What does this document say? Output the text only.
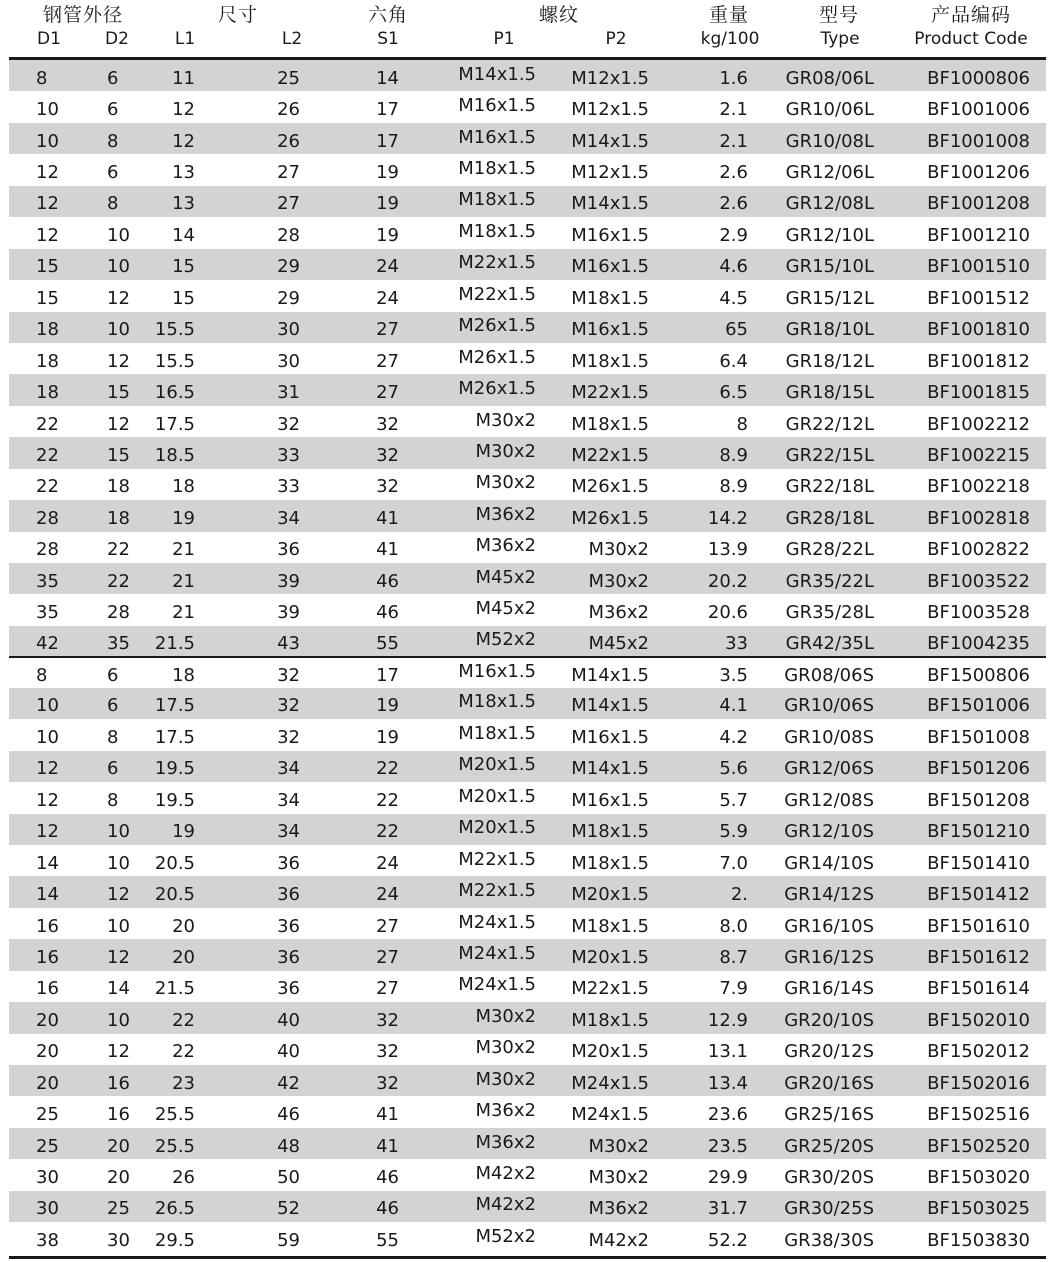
钢管外径	尺寸	六角	螺纹	重量	型号	产品编码
D1	D2	L1	L2	S1	P1	P2	kg/100	Type	Product Code
8	6	11	25	14	M14x1.5	M12x1.5	1.6	GR08/06L	BF1000806
10	6	12	26	17	M16x1.5	M12x1.5	2.1	GR10/06L	BF1001006
10	8	12	26	17	M16x1.5	M14x1.5	2.1	GR10/08L	BF1001008
12	6	13	27	19	M18x1.5	M12x1.5	2.6	GR12/06L	BF1001206
12	8	13	27	19	M18x1.5	M14x1.5	2.6	GR12/08L	BF1001208
12	10	14	28	19	M18x1.5	M16x1.5	2.9	GR12/10L	BF1001210
15	10	15	29	24	M22x1.5	M16x1.5	4.6	GR15/10L	BF1001510
15	12	15	29	24	M22x1.5	M18x1.5	4.5	GR15/12L	BF1001512
18	10	15.5	30	27	M26x1.5	M16x1.5	65	GR18/10L	BF1001810
18	12	15.5	30	27	M26x1.5	M18x1.5	6.4	GR18/12L	BF1001812
18	15	16.5	31	27	M26x1.5	M22x1.5	6.5	GR18/15L	BF1001815
22	12	17.5	32	32	M30x2	M18x1.5	8	GR22/12L	BF1002212
22	15	18.5	33	32	M30x2	M22x1.5	8.9	GR22/15L	BF1002215
22	18	18	33	32	M30x2	M26x1.5	8.9	GR22/18L	BF1002218
28	18	19	34	41	M36x2	M26x1.5	14.2	GR28/18L	BF1002818
28	22	21	36	41	M36x2	M30x2	13.9	GR28/22L	BF1002822
35	22	21	39	46	M45x2	M30x2	20.2	GR35/22L	BF1003522
35	28	21	39	46	M45x2	M36x2	20.6	GR35/28L	BF1003528
42	35	21.5	43	55	M52x2	M45x2	33	GR42/35L	BF1004235
8	6	18	32	17	M16x1.5	M14x1.5	3.5	GR08/06S	BF1500806
10	6	17.5	32	19	M18x1.5	M14x1.5	4.1	GR10/06S	BF1501006
10	8	17.5	32	19	M18x1.5	M16x1.5	4.2	GR10/08S	BF1501008
12	6	19.5	34	22	M20x1.5	M14x1.5	5.6	GR12/06S	BF1501206
12	8	19.5	34	22	M20x1.5	M16x1.5	5.7	GR12/08S	BF1501208
12	10	19	34	22	M20x1.5	M18x1.5	5.9	GR12/10S	BF1501210
14	10	20.5	36	24	M22x1.5	M18x1.5	7.0	GR14/10S	BF1501410
14	12	20.5	36	24	M22x1.5	M20x1.5	2.	GR14/12S	BF1501412
16	10	20	36	27	M24x1.5	M18x1.5	8.0	GR16/10S	BF1501610
16	12	20	36	27	M24x1.5	M20x1.5	8.7	GR16/12S	BF1501612
16	14	21.5	36	27	M24x1.5	M22x1.5	7.9	GR16/14S	BF1501614
20	10	22	40	32	M30x2	M18x1.5	12.9	GR20/10S	BF1502010
20	12	22	40	32	M30x2	M20x1.5	13.1	GR20/12S	BF1502012
20	16	23	42	32	M30x2	M24x1.5	13.4	GR20/16S	BF1502016
25	16	25.5	46	41	M36x2	M24x1.5	23.6	GR25/16S	BF1502516
25	20	25.5	48	41	M36x2	M30x2	23.5	GR25/20S	BF1502520
30	20	26	50	46	M42x2	M30x2	29.9	GR30/20S	BF1503020
30	25	26.5	52	46	M42x2	M36x2	31.7	GR30/25S	BF1503025
38	30	29.5	59	55	M52x2	M42x2	52.2	GR38/30S	BF1503830
